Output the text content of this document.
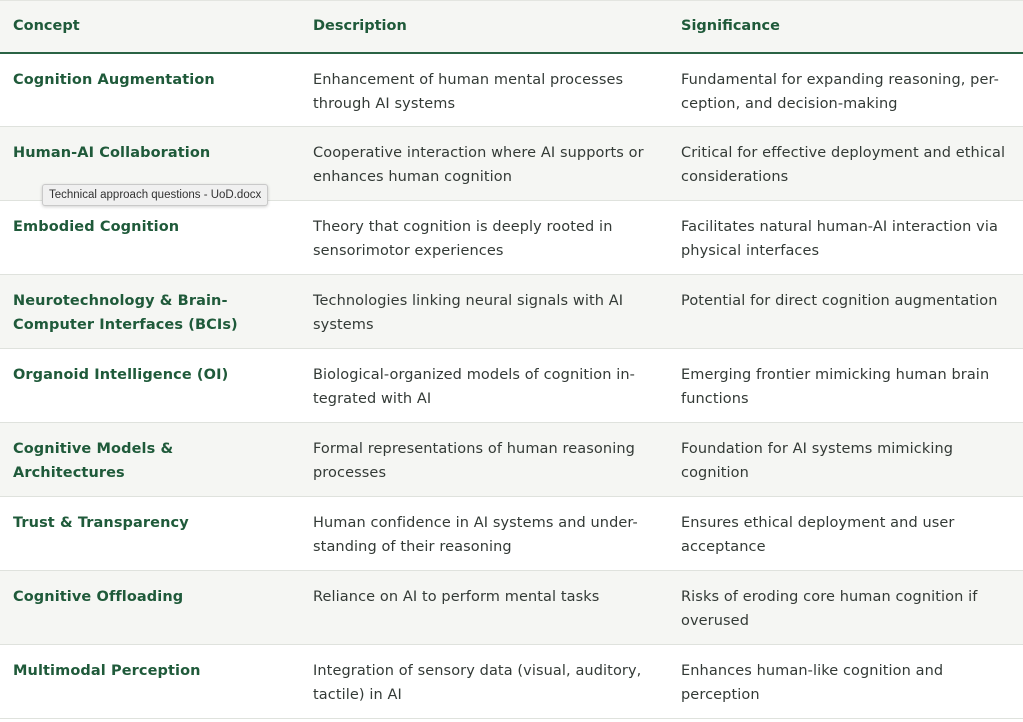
Concept	Description	Significance
Cognition Augmentation	Enhancement of human mental processes through AI systems	Fundamental for expanding reasoning, per-ception, and decision-making
Human-AI Collaboration	Cooperative interaction where AI supports or enhances human cognition	Critical for effective deployment and ethical considerations
Embodied Cognition	Theory that cognition is deeply rooted in sensorimotor experiences	Facilitates natural human-AI interaction via physical interfaces
Neurotechnology & Brain-Computer Interfaces (BCIs)	Technologies linking neural signals with AI systems	Potential for direct cognition augmentation
Organoid Intelligence (OI)	Biological-organized models of cognition in-tegrated with AI	Emerging frontier mimicking human brain functions
Cognitive Models & Architectures	Formal representations of human reasoning processes	Foundation for AI systems mimicking cognition
Trust & Transparency	Human confidence in AI systems and under-standing of their reasoning	Ensures ethical deployment and user acceptance
Cognitive Offloading	Reliance on AI to perform mental tasks	Risks of eroding core human cognition if overused
Multimodal Perception	Integration of sensory data (visual, auditory, tactile) in AI	Enhances human-like cognition and perception
Technical approach questions - UoD.docx
